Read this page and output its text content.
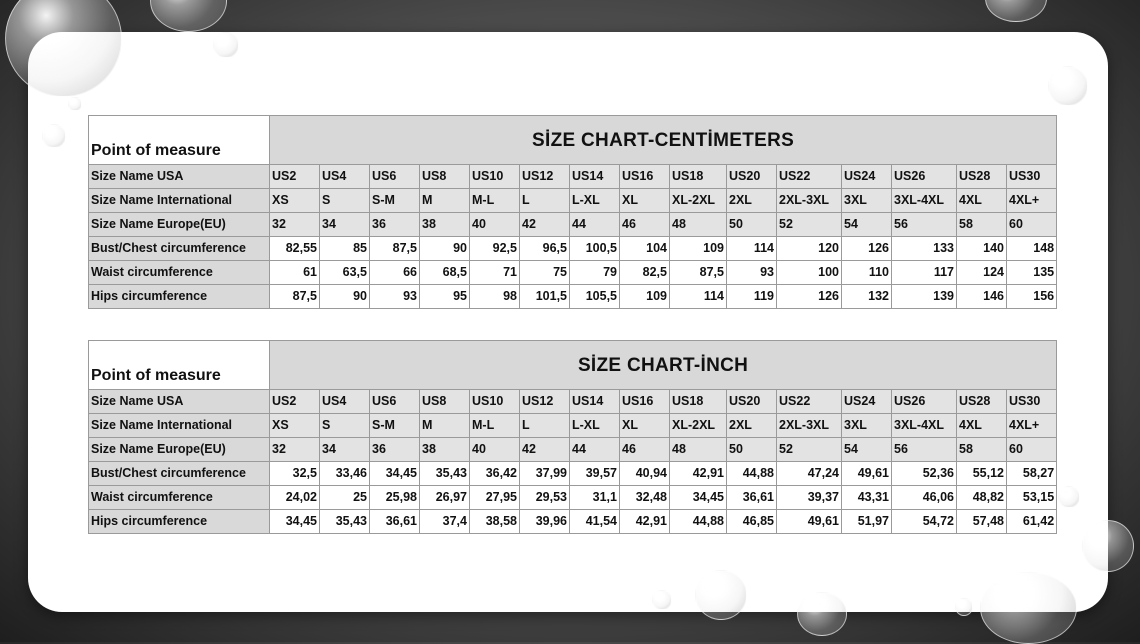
Point of measure	SİZE CHART-CENTİMETERS														
Size Name USA	US2	US4	US6	US8	US10	US12	US14	US16	US18	US20	US22	US24	US26	US28	US30
Size Name International	XS	S	S-M	M	M-L	L	L-XL	XL	XL-2XL	2XL	2XL-3XL	3XL	3XL-4XL	4XL	4XL+
Size Name Europe(EU)	32	34	36	38	40	42	44	46	48	50	52	54	56	58	60
Bust/Chest circumference	82,55	85	87,5	90	92,5	96,5	100,5	104	109	114	120	126	133	140	148
Waist circumference	61	63,5	66	68,5	71	75	79	82,5	87,5	93	100	110	117	124	135
Hips circumference	87,5	90	93	95	98	101,5	105,5	109	114	119	126	132	139	146	156
Point of measure	SİZE CHART-İNCH														
Size Name USA	US2	US4	US6	US8	US10	US12	US14	US16	US18	US20	US22	US24	US26	US28	US30
Size Name International	XS	S	S-M	M	M-L	L	L-XL	XL	XL-2XL	2XL	2XL-3XL	3XL	3XL-4XL	4XL	4XL+
Size Name Europe(EU)	32	34	36	38	40	42	44	46	48	50	52	54	56	58	60
Bust/Chest circumference	32,5	33,46	34,45	35,43	36,42	37,99	39,57	40,94	42,91	44,88	47,24	49,61	52,36	55,12	58,27
Waist circumference	24,02	25	25,98	26,97	27,95	29,53	31,1	32,48	34,45	36,61	39,37	43,31	46,06	48,82	53,15
Hips circumference	34,45	35,43	36,61	37,4	38,58	39,96	41,54	42,91	44,88	46,85	49,61	51,97	54,72	57,48	61,42
